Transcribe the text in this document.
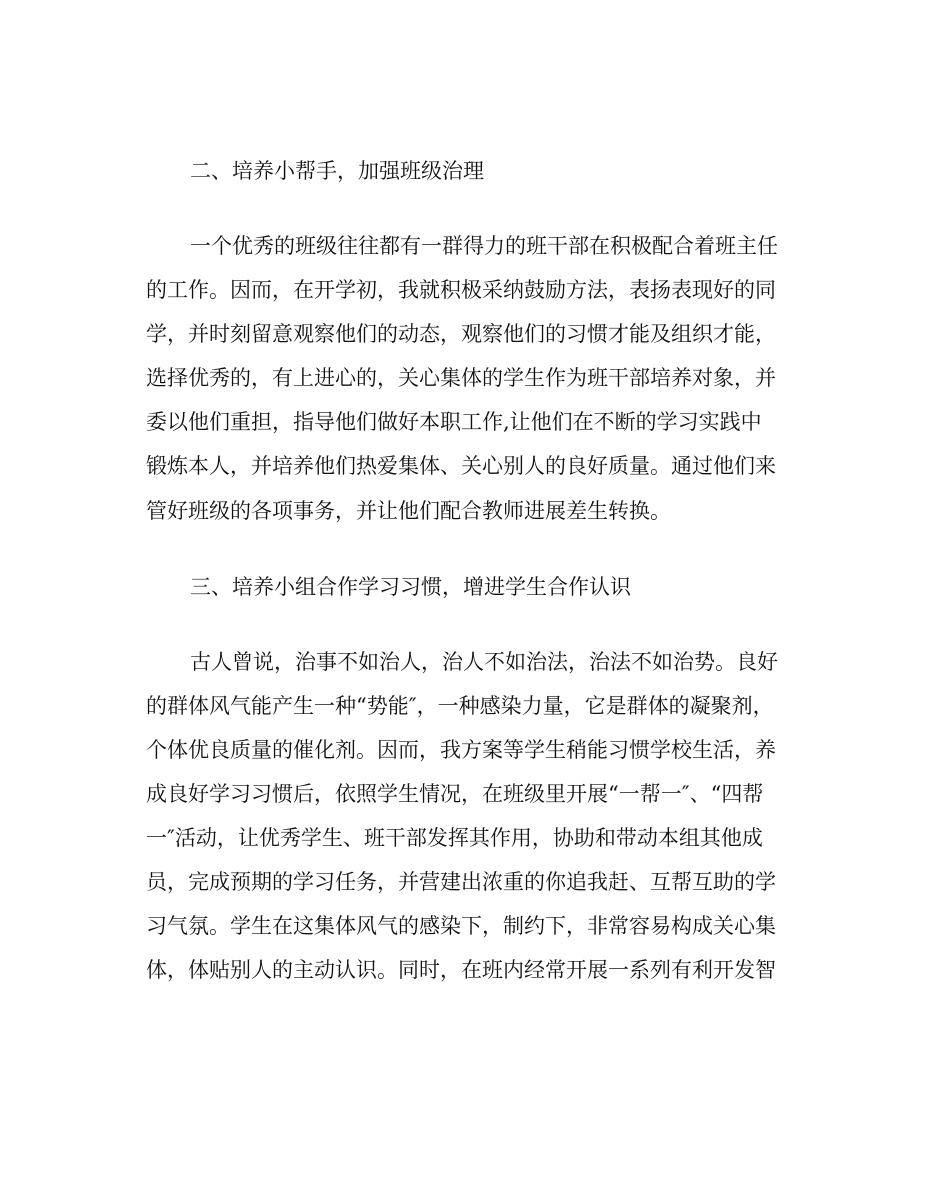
二、培养小帮手，加强班级治理
一个优秀的班级往往都有一群得力的班干部在积极配合着班主任
的工作。因而，在开学初，我就积极采纳鼓励方法，表扬表现好的同
学，并时刻留意观察他们的动态，观察他们的习惯才能及组织才能，
选择优秀的，有上进心的，关心集体的学生作为班干部培养对象，并
委以他们重担，指导他们做好本职工作,让他们在不断的学习实践中
锻炼本人，并培养他们热爱集体、关心别人的良好质量。通过他们来
管好班级的各项事务，并让他们配合教师进展差生转换。
三、培养小组合作学习习惯，增进学生合作认识
古人曾说，治事不如治人，治人不如治法，治法不如治势。良好
的群体风气能产生一种“势能″，一种感染力量，它是群体的凝聚剂，
个体优良质量的催化剂。因而，我方案等学生稍能习惯学校生活，养
成良好学习习惯后，依照学生情况，在班级里开展“一帮一″、“四帮
一″活动，让优秀学生、班干部发挥其作用，协助和带动本组其他成
员，完成预期的学习任务，并营建出浓重的你追我赶、互帮互助的学
习气氛。学生在这集体风气的感染下，制约下，非常容易构成关心集
体，体贴别人的主动认识。同时，在班内经常开展一系列有利开发智
